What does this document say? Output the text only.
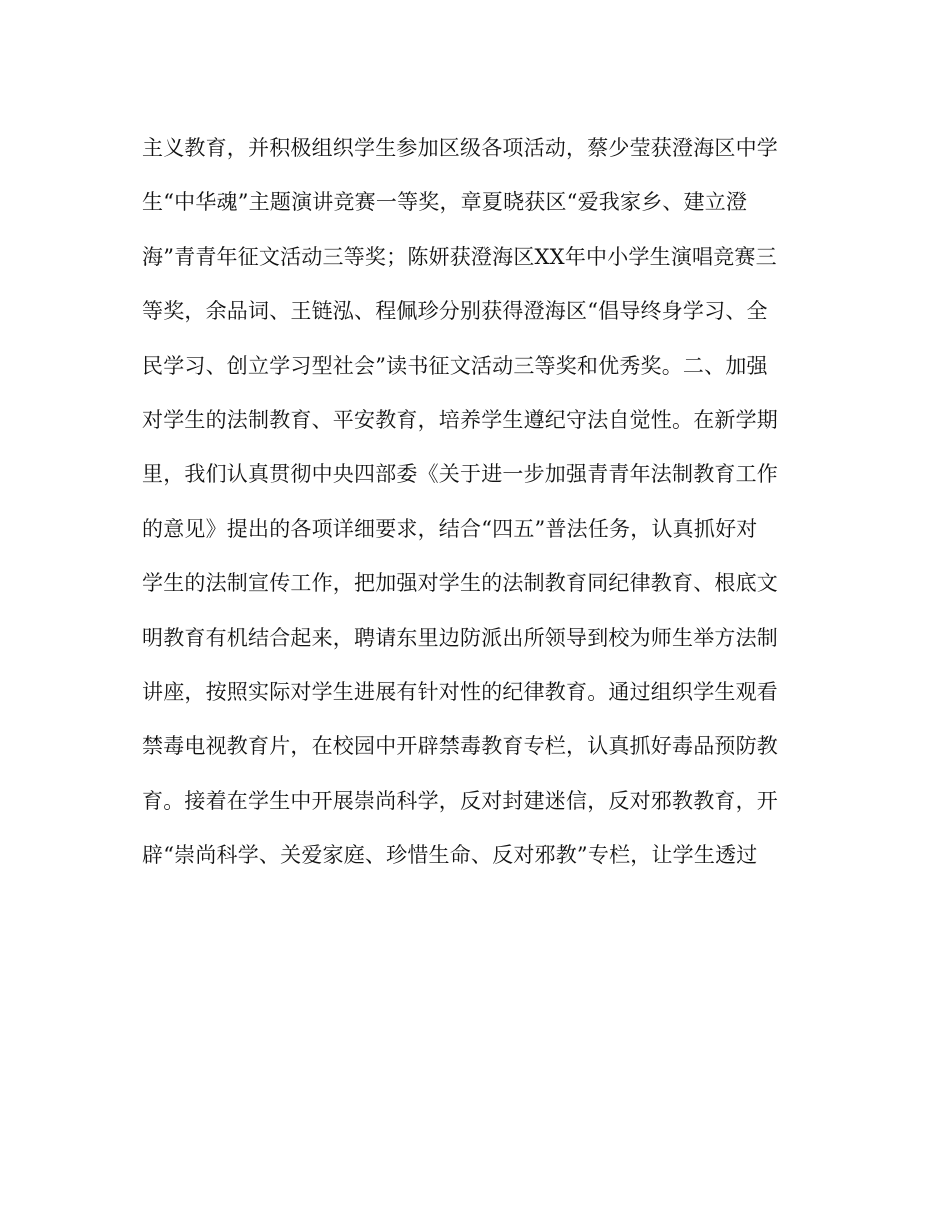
主义教育，并积极组织学生参加区级各项活动，蔡少莹获澄海区中学
生“中华魂”主题演讲竞赛一等奖，章夏晓获区“爱我家乡、建立澄
海”青青年征文活动三等奖；陈妍获澄海区XX年中小学生演唱竞赛三
等奖，余品词、王链泓、程佩珍分别获得澄海区“倡导终身学习、全
民学习、创立学习型社会”读书征文活动三等奖和优秀奖。二、加强
对学生的法制教育、平安教育，培养学生遵纪守法自觉性。在新学期
里，我们认真贯彻中央四部委《关于进一步加强青青年法制教育工作
的意见》提出的各项详细要求，结合“四五”普法任务，认真抓好对
学生的法制宣传工作，把加强对学生的法制教育同纪律教育、根底文
明教育有机结合起来，聘请东里边防派出所领导到校为师生举方法制
讲座，按照实际对学生进展有针对性的纪律教育。通过组织学生观看
禁毒电视教育片，在校园中开辟禁毒教育专栏，认真抓好毒品预防教
育。接着在学生中开展崇尚科学，反对封建迷信，反对邪教教育，开
辟“崇尚科学、关爱家庭、珍惜生命、反对邪教”专栏，让学生透过
